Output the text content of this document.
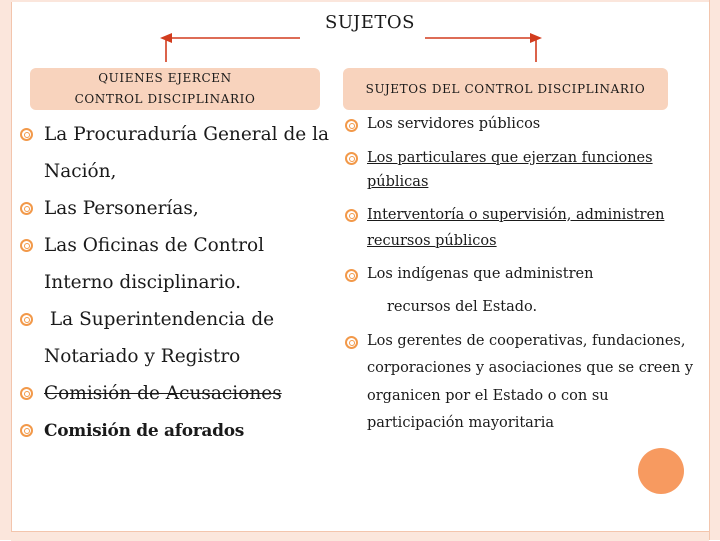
SUJETOS
QUIENES EJERCEN CONTROL DISCIPLINARIO
SUJETOS DEL CONTROL DISCIPLINARIO
La Procuraduría General de la Nación,
Las Personerías,
Las Oficinas de Control Interno disciplinario.
La Superintendencia de Notariado y Registro
Comisión de Acusaciones
Comisión de aforados
Los servidores públicos
Los particulares que ejerzan funciones públicas
Interventoría o supervisión, administren recursos públicos
Los indígenas que administren
recursos del Estado.
Los gerentes de cooperativas, fundaciones, corporaciones y asociaciones que se creen y organicen por el Estado o con su participación mayoritaria
